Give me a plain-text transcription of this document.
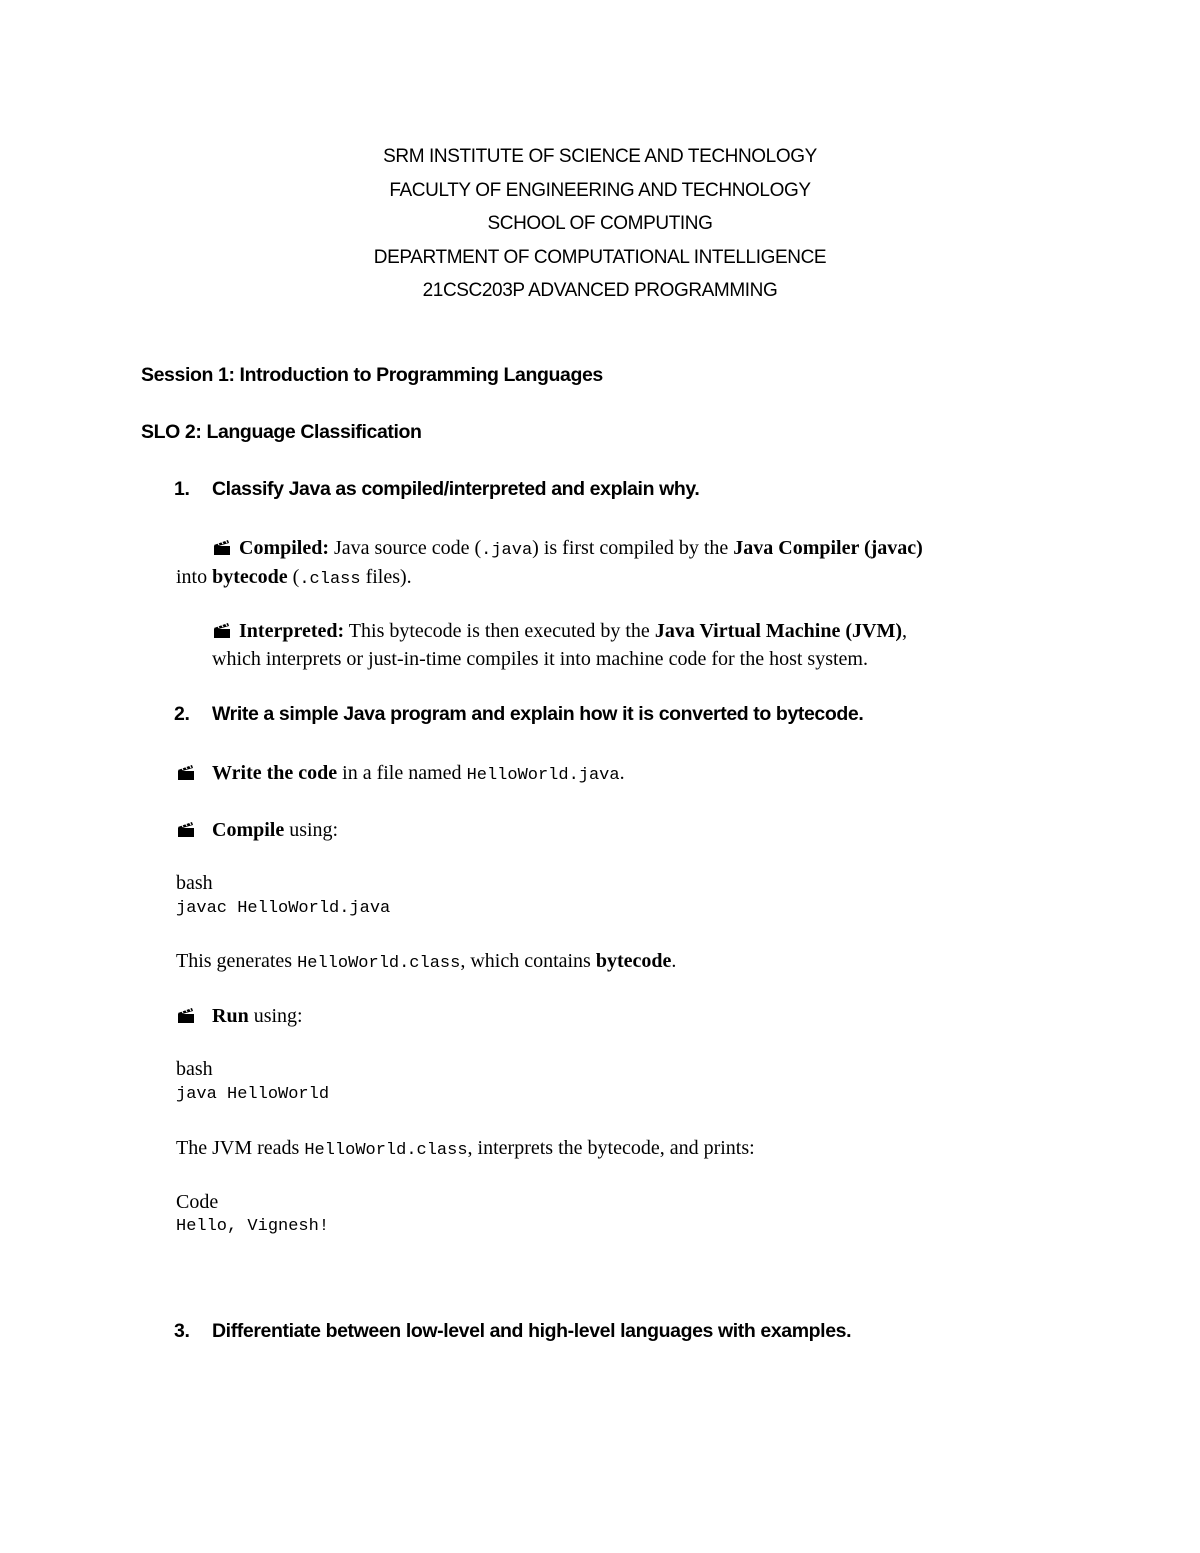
SRM INSTITUTE OF SCIENCE AND TECHNOLOGY
FACULTY OF ENGINEERING AND TECHNOLOGY
SCHOOL OF COMPUTING
DEPARTMENT OF COMPUTATIONAL INTELLIGENCE
21CSC203P ADVANCED PROGRAMMING
Session 1: Introduction to Programming Languages
SLO 2: Language Classification
1. Classify Java as compiled/interpreted and explain why.
Compiled: Java source code (.java) is first compiled by the Java Compiler (javac)
into bytecode (.class files).
Interpreted: This bytecode is then executed by the Java Virtual Machine (JVM),
which interprets or just-in-time compiles it into machine code for the host system.
2. Write a simple Java program and explain how it is converted to bytecode.
Write the code in a file named HelloWorld.java.
Compile using:
bash
javac HelloWorld.java
This generates HelloWorld.class, which contains bytecode.
Run using:
bash
java HelloWorld
The JVM reads HelloWorld.class, interprets the bytecode, and prints:
Code
Hello, Vignesh!
3. Differentiate between low-level and high-level languages with examples.
